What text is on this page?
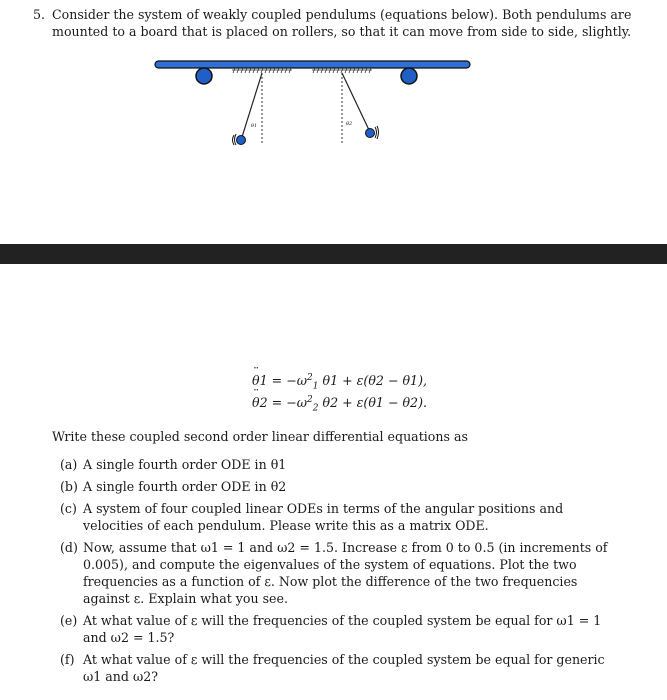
5. Consider the system of weakly coupled pendulums (equations below). Both pendulums are mounted to a board that is placed on rollers, so that it can move from side to side, slightly.
θ1	θ2
θ1 ¨ = $-\omega^2_1$ θ1 + ε(θ2 − θ1),
θ2 ¨ = $-\omega^2_2$ θ2 + ε(θ1 − θ2).

Write these coupled second order linear differential equations as

(a) A single fourth order ODE in θ1
(b) A single fourth order ODE in θ2
(c) A system of four coupled linear ODEs in terms of the angular positions and velocities of each pendulum. Please write this as a matrix ODE.
(d) Now, assume that ω1 = 1 and ω2 = 1.5. Increase ε from 0 to 0.5 (in increments of 0.005), and compute the eigenvalues of the system of equations. Plot the two frequencies as a function of ε. Now plot the difference of the two frequencies against ε. Explain what you see.
(e) At what value of ε will the frequencies of the coupled system be equal for ω1 = 1 and ω2 = 1.5?
(f) At what value of ε will the frequencies of the coupled system be equal for generic ω1 and ω2?
